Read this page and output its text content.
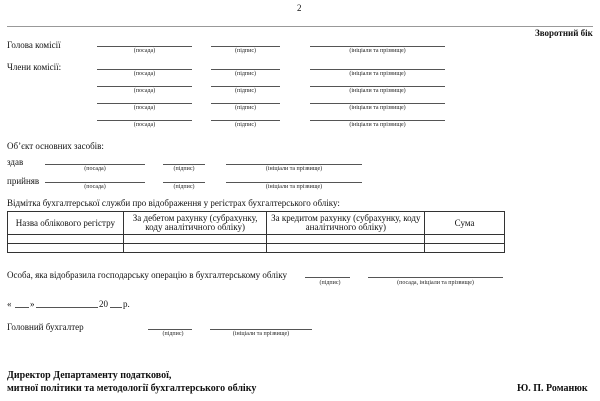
2
Зворотний бік
Голова комісії
(посада)	(підпис)	(ініціали та прізвище)
Члени комісії:
(посада)	(підпис)	(ініціали та прізвище)
(посада)	(підпис)	(ініціали та прізвище)
(посада)	(підпис)	(ініціали та прізвище)
(посада)	(підпис)	(ініціали та прізвище)
Об’єкт основних засобів:
здав
(посада)	(підпис)	(ініціали та прізвище)
прийняв
(посада)	(підпис)	(ініціали та прізвище)
Відмітка бухгалтерської служби про відображення у регістрах бухгалтерського обліку:
Назва облікового регістру	За дебетом рахунку (субрахунку, коду аналітичного обліку)	За кредитом рахунку (субрахунку, коду аналітичного обліку)	Сума

Особа, яка відобразила господарську операцію в бухгалтерському обліку
(підпис)	(посада, ініціали та прізвище)
« »	20 р.
Головний бухгалтер
(підпис)	(ініціали та прізвище)
Директор Департаменту податкової,
митної політики та методології бухгалтерського обліку	Ю. П. Романюк
